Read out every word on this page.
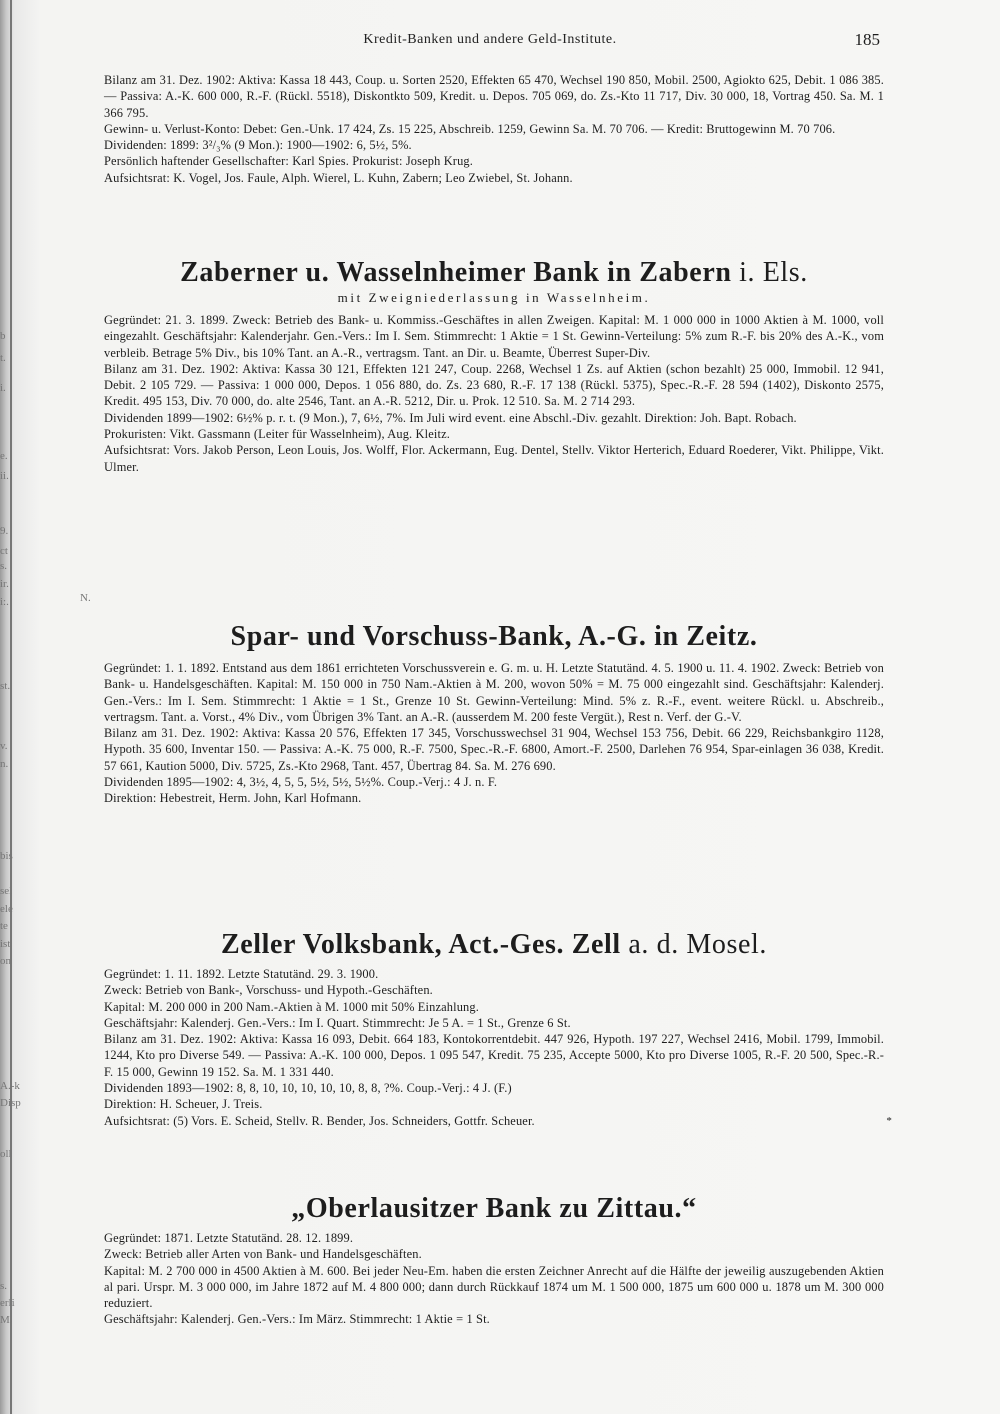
b
t.
i.
e.
ii.
9.
ct
s.
ir.
i:.	N.
st.
v.
n.
bis
sel
ele
te
ist
on
A.-k
Disp
oll
s.
erli
M.
Kredit-Banken und andere Geld-Institute.	185

Bilanz am 31. Dez. 1902: Aktiva: Kassa 18 443, Coup. u. Sorten 2520, Effekten 65 470, Wechsel 190 850, Mobil. 2500, Agiokto 625, Debit. 1 086 385. — Passiva: A.-K. 600 000, R.-F. (Rückl. 5518), Diskontkto 509, Kredit. u. Depos. 705 069, do. Zs.-Kto 11 717, Div. 30 000, 18, Vortrag 450. Sa. M. 1 366 795.

Gewinn- u. Verlust-Konto: Debet: Gen.-Unk. 17 424, Zs. 15 225, Abschreib. 1259, Gewinn Sa. M. 70 706. — Kredit: Bruttogewinn M. 70 706.

Dividenden: 1899: 3²/₃% (9 Mon.): 1900—1902: 6, 5½, 5%.

Persönlich haftender Gesellschafter: Karl Spies. Prokurist: Joseph Krug.

Aufsichtsrat: K. Vogel, Jos. Faule, Alph. Wierel, L. Kuhn, Zabern; Leo Zwiebel, St. Johann.

Zaberner u. Wasselnheimer Bank in Zabern i. Els.
mit Zweigniederlassung in Wasselnheim.

Gegründet: 21. 3. 1899. Zweck: Betrieb des Bank- u. Kommiss.-Geschäftes in allen Zweigen. Kapital: M. 1 000 000 in 1000 Aktien à M. 1000, voll eingezahlt. Geschäftsjahr: Kalenderjahr. Gen.-Vers.: Im I. Sem. Stimmrecht: 1 Aktie = 1 St. Gewinn-Verteilung: 5% zum R.-F. bis 20% des A.-K., vom verbleib. Betrage 5% Div., bis 10% Tant. an A.-R., vertragsm. Tant. an Dir. u. Beamte, Überrest Super-Div.

Bilanz am 31. Dez. 1902: Aktiva: Kassa 30 121, Effekten 121 247, Coup. 2268, Wechsel 1 Zs. auf Aktien (schon bezahlt) 25 000, Immobil. 12 941, Debit. 2 105 729. — Passiva: 1 000 000, Depos. 1 056 880, do. Zs. 23 680, R.-F. 17 138 (Rückl. 5375), Spec.-R.-F. 28 594 (1402), Diskonto 2575, Kredit. 495 153, Div. 70 000, do. alte 2546, Tant. an A.-R. 5212, Dir. u. Prok. 12 510. Sa. M. 2 714 293.

Dividenden 1899—1902: 6½% p. r. t. (9 Mon.), 7, 6½, 7%. Im Juli wird event. eine Abschl.-Div. gezahlt. Direktion: Joh. Bapt. Robach.

Prokuristen: Vikt. Gassmann (Leiter für Wasselnheim), Aug. Kleitz.

Aufsichtsrat: Vors. Jakob Person, Leon Louis, Jos. Wolff, Flor. Ackermann, Eug. Dentel, Stellv. Viktor Herterich, Eduard Roederer, Vikt. Philippe, Vikt. Ulmer.

Spar- und Vorschuss-Bank, A.-G. in Zeitz.

Gegründet: 1. 1. 1892. Entstand aus dem 1861 errichteten Vorschussverein e. G. m. u. H. Letzte Statutänd. 4. 5. 1900 u. 11. 4. 1902. Zweck: Betrieb von Bank- u. Handelsgeschäften. Kapital: M. 150 000 in 750 Nam.-Aktien à M. 200, wovon 50% = M. 75 000 eingezahlt sind. Geschäftsjahr: Kalenderj. Gen.-Vers.: Im I. Sem. Stimmrecht: 1 Aktie = 1 St., Grenze 10 St. Gewinn-Verteilung: Mind. 5% z. R.-F., event. weitere Rückl. u. Abschreib., vertragsm. Tant. a. Vorst., 4% Div., vom Übrigen 3% Tant. an A.-R. (ausserdem M. 200 feste Vergüt.), Rest n. Verf. der G.-V.

Bilanz am 31. Dez. 1902: Aktiva: Kassa 20 576, Effekten 17 345, Vorschusswechsel 31 904, Wechsel 153 756, Debit. 66 229, Reichsbankgiro 1128, Hypoth. 35 600, Inventar 150. — Passiva: A.-K. 75 000, R.-F. 7500, Spec.-R.-F. 6800, Amort.-F. 2500, Darlehen 76 954, Spar-einlagen 36 038, Kredit. 57 661, Kaution 5000, Div. 5725, Zs.-Kto 2968, Tant. 457, Übertrag 84. Sa. M. 276 690.

Dividenden 1895—1902: 4, 3½, 4, 5, 5, 5½, 5½, 5½%. Coup.-Verj.: 4 J. n. F.

Direktion: Hebestreit, Herm. John, Karl Hofmann.

Zeller Volksbank, Act.-Ges. Zell a. d. Mosel.

Gegründet: 1. 11. 1892. Letzte Statutänd. 29. 3. 1900.

Zweck: Betrieb von Bank-, Vorschuss- und Hypoth.-Geschäften.

Kapital: M. 200 000 in 200 Nam.-Aktien à M. 1000 mit 50% Einzahlung.

Geschäftsjahr: Kalenderj. Gen.-Vers.: Im I. Quart. Stimmrecht: Je 5 A. = 1 St., Grenze 6 St.

Bilanz am 31. Dez. 1902: Aktiva: Kassa 16 093, Debit. 664 183, Kontokorrentdebit. 447 926, Hypoth. 197 227, Wechsel 2416, Mobil. 1799, Immobil. 1244, Kto pro Diverse 549. — Passiva: A.-K. 100 000, Depos. 1 095 547, Kredit. 75 235, Accepte 5000, Kto pro Diverse 1005, R.-F. 20 500, Spec.-R.-F. 15 000, Gewinn 19 152. Sa. M. 1 331 440.

Dividenden 1893—1902: 8, 8, 10, 10, 10, 10, 10, 8, 8, ?%. Coup.-Verj.: 4 J. (F.)

Direktion: H. Scheuer, J. Treis.

Aufsichtsrat: (5) Vors. E. Scheid, Stellv. R. Bender, Jos. Schneiders, Gottfr. Scheuer.	*

„Oberlausitzer Bank zu Zittau.“

Gegründet: 1871. Letzte Statutänd. 28. 12. 1899.

Zweck: Betrieb aller Arten von Bank- und Handelsgeschäften.

Kapital: M. 2 700 000 in 4500 Aktien à M. 600. Bei jeder Neu-Em. haben die ersten Zeichner Anrecht auf die Hälfte der jeweilig auszugebenden Aktien al pari. Urspr. M. 3 000 000, im Jahre 1872 auf M. 4 800 000; dann durch Rückkauf 1874 um M. 1 500 000, 1875 um 600 000 u. 1878 um M. 300 000 reduziert.

Geschäftsjahr: Kalenderj. Gen.-Vers.: Im März. Stimmrecht: 1 Aktie = 1 St.
